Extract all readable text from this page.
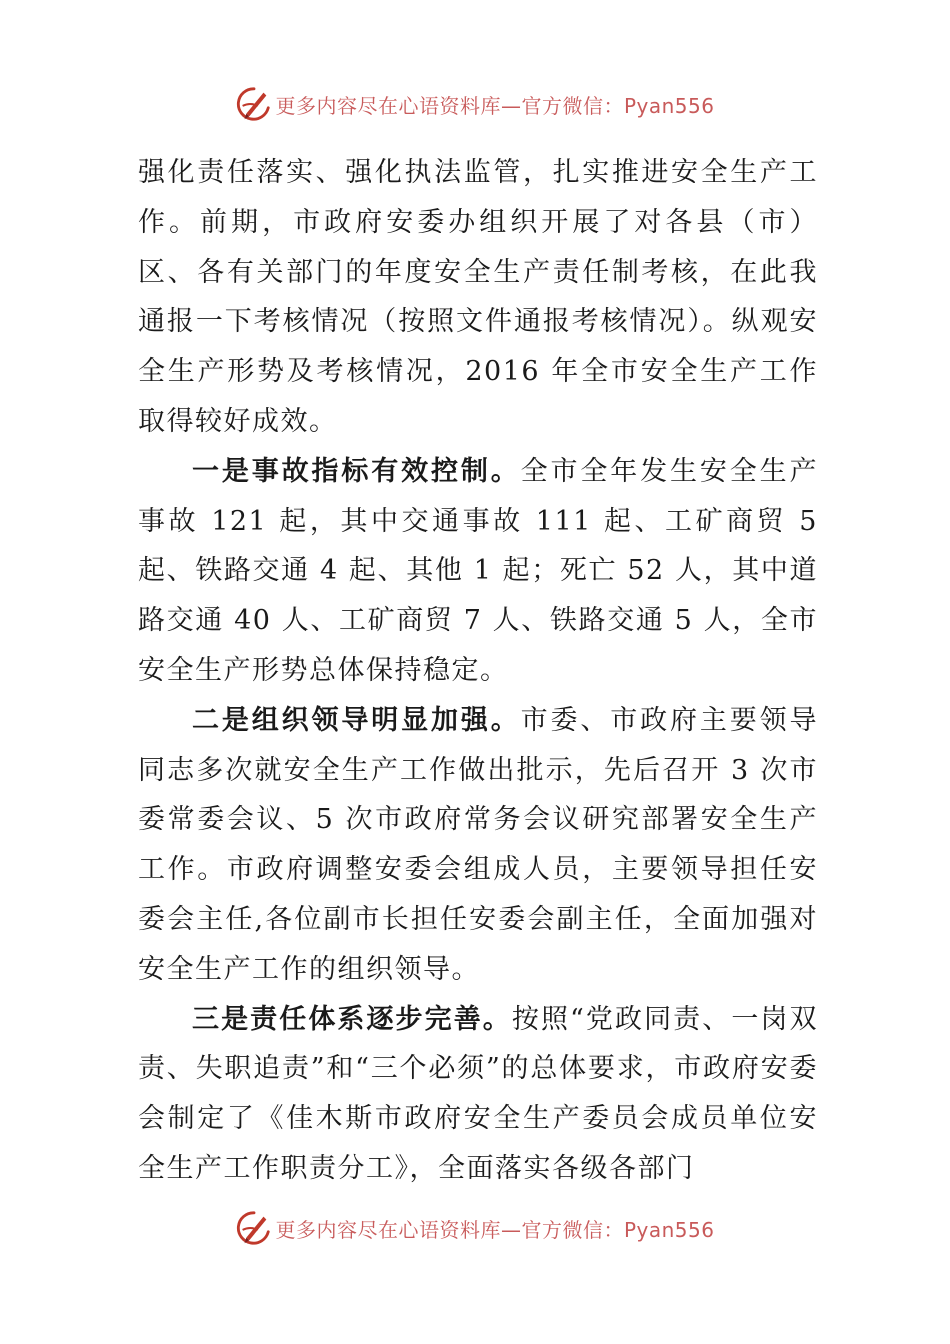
更多内容尽在心语资料库—官方微信：Pyan556

强化责任落实、强化执法监管，扎实推进安全生产工作。前期，市政府安委办组织开展了对各县（市）区、各有关部门的年度安全生产责任制考核，在此我通报一下考核情况（按照文件通报考核情况）。纵观安全生产形势及考核情况，2016 年全市安全生产工作取得较好成效。

一是事故指标有效控制。全市全年发生安全生产事故 121 起，其中交通事故 111 起、工矿商贸 5 起、铁路交通 4 起、其他 1 起；死亡 52 人，其中道路交通 40 人、工矿商贸 7 人、铁路交通 5 人，全市安全生产形势总体保持稳定。

二是组织领导明显加强。市委、市政府主要领导同志多次就安全生产工作做出批示，先后召开 3 次市委常委会议、5 次市政府常务会议研究部署安全生产工作。市政府调整安委会组成人员，主要领导担任安委会主任,各位副市长担任安委会副主任，全面加强对安全生产工作的组织领导。

三是责任体系逐步完善。按照“党政同责、一岗双责、失职追责”和“三个必须”的总体要求，市政府安委会制定了《佳木斯市政府安全生产委员会成员单位安全生产工作职责分工》，全面落实各级各部门

更多内容尽在心语资料库—官方微信：Pyan556
